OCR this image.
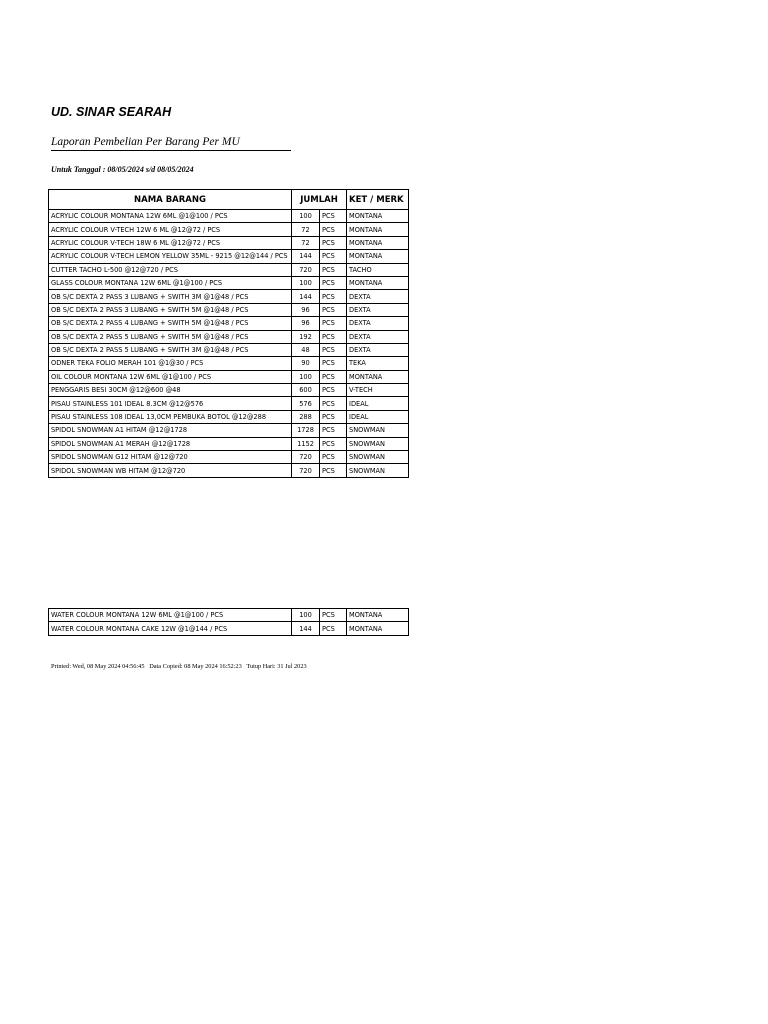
UD. SINAR SEARAH
Laporan Pembelian Per Barang Per MU
Untuk Tanggal : 08/05/2024 s/d 08/05/2024
NAMA BARANG	JUMLAH		KET / MERK
ACRYLIC COLOUR MONTANA 12W 6ML @1@100 / PCS	100	PCS	MONTANA
ACRYLIC COLOUR V-TECH 12W 6 ML @12@72 / PCS	72	PCS	MONTANA
ACRYLIC COLOUR V-TECH 18W 6 ML @12@72 / PCS	72	PCS	MONTANA
ACRYLIC COLOUR V-TECH LEMON YELLOW 35ML - 9215 @12@144 / PCS	144	PCS	MONTANA
CUTTER TACHO L-500 @12@720 / PCS	720	PCS	TACHO
GLASS COLOUR MONTANA 12W 6ML @1@100 / PCS	100	PCS	MONTANA
OB S/C DEXTA 2 PASS 3 LUBANG + SWITH 3M @1@48 / PCS	144	PCS	DEXTA
OB S/C DEXTA 2 PASS 3 LUBANG + SWITH 5M @1@48 / PCS	96	PCS	DEXTA
OB S/C DEXTA 2 PASS 4 LUBANG + SWITH 5M @1@48 / PCS	96	PCS	DEXTA
OB S/C DEXTA 2 PASS 5 LUBANG + SWITH 5M @1@48 / PCS	192	PCS	DEXTA
OB S/C DEXTA 2 PASS 5 LUBANG + SWITH 3M @1@48 / PCS	48	PCS	DEXTA
ODNER TEKA FOLIO MERAH 101 @1@30 / PCS	90	PCS	TEKA
OIL COLOUR MONTANA 12W 6ML @1@100 / PCS	100	PCS	MONTANA
PENGGARIS BESI 30CM @12@600 @48	600	PCS	V-TECH
PISAU STAINLESS 101 IDEAL 8.3CM @12@576	576	PCS	IDEAL
PISAU STAINLESS 108 IDEAL 13,0CM PEMBUKA BOTOL @12@288	288	PCS	IDEAL
SPIDOL SNOWMAN A1 HITAM @12@1728	1728	PCS	SNOWMAN
SPIDOL SNOWMAN A1 MERAH @12@1728	1152	PCS	SNOWMAN
SPIDOL SNOWMAN G12 HITAM @12@720	720	PCS	SNOWMAN
SPIDOL SNOWMAN WB HITAM @12@720	720	PCS	SNOWMAN
WATER COLOUR MONTANA 12W 6ML @1@100 / PCS	100	PCS	MONTANA
WATER COLOUR MONTANA CAKE 12W @1@144 / PCS	144	PCS	MONTANA
Printed: Wed, 08 May 2024 04:56:45   Data Copied: 08 May 2024 16:52:23   Tutup Hari: 31 Jul 2023
